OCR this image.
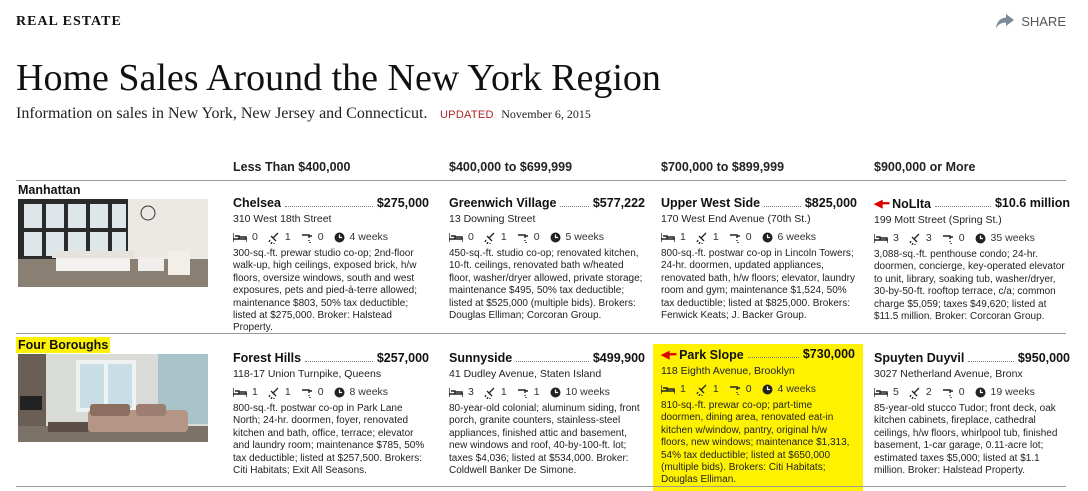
REAL ESTATE	SHARE
Home Sales Around the New York Region
Information on sales in New York, New Jersey and Connecticut. UPDATED November 6, 2015
Less Than $400,000	$400,000 to $699,999	$700,000 to $899,999	$900,000 or More
Manhattan
Chelsea	$275,000
310 West 18th Street
0	1	0 4 weeks
300-sq.-ft. prewar studio co-op; 2nd-floor walk-up, high ceilings, exposed brick, h/w floors, oversize windows, south and west exposures, pets and pied-à-terre allowed; maintenance $803, 50% tax deductible; listed at $275,000. Broker: Halstead Property.
Greenwich Village	$577,222
13 Downing Street
0	1	0 5 weeks
450-sq.-ft. studio co-op; renovated kitchen, 10-ft. ceilings, renovated bath w/heated floor, washer/dryer allowed, private storage; maintenance $495, 50% tax deductible; listed at $525,000 (multiple bids). Brokers: Douglas Elliman; Corcoran Group.
Upper West Side	$825,000
170 West End Avenue (70th St.)
1	1	0 6 weeks
800-sq.-ft. postwar co-op in Lincoln Towers; 24-hr. doormen, updated appliances, renovated bath, h/w floors; elevator, laundry room and gym; maintenance $1,524, 50% tax deductible; listed at $825,000. Brokers: Fenwick Keats; J. Backer Group.
◀━ NoLIta	$10.6 million
199 Mott Street (Spring St.)
3	3	0 35 weeks
3,088-sq.-ft. penthouse condo; 24-hr. doormen, concierge, key-operated elevator to unit, library, soaking tub, washer/dryer, 30-by-50-ft. rooftop terrace, c/a; common charge $5,059; taxes $49,620; listed at $11.5 million. Broker: Corcoran Group.
Four Boroughs
Forest Hills	$257,000
118-17 Union Turnpike, Queens
1	1	0 8 weeks
800-sq.-ft. postwar co-op in Park Lane North; 24-hr. doormen, foyer, renovated kitchen and bath, office, terrace; elevator and laundry room; maintenance $785, 50% tax deductible; listed at $257,500. Brokers: Citi Habitats; Exit All Seasons.
Sunnyside	$499,900
41 Dudley Avenue, Staten Island
3	1	1 10 weeks
80-year-old colonial; aluminum siding, front porch, granite counters, stainless-steel appliances, finished attic and basement, new windows and roof, 40-by-100-ft. lot; taxes $4,036; listed at $534,000. Broker: Coldwell Banker De Simone.
◀━ Park Slope	$730,000
118 Eighth Avenue, Brooklyn
1	1	0 4 weeks
810-sq.-ft. prewar co-op; part-time doormen, dining area, renovated eat-in kitchen w/window, pantry, original h/w floors, new windows; maintenance $1,313, 54% tax deductible; listed at $650,000 (multiple bids). Brokers: Citi Habitats; Douglas Elliman.
Spuyten Duyvil	$950,000
3027 Netherland Avenue, Bronx
5	2	0 19 weeks
85-year-old stucco Tudor; front deck, oak kitchen cabinets, fireplace, cathedral ceilings, h/w floors, whirlpool tub, finished basement, 1-car garage, 0.11-acre lot; estimated taxes $5,000; listed at $1.1 million. Broker: Halstead Property.
